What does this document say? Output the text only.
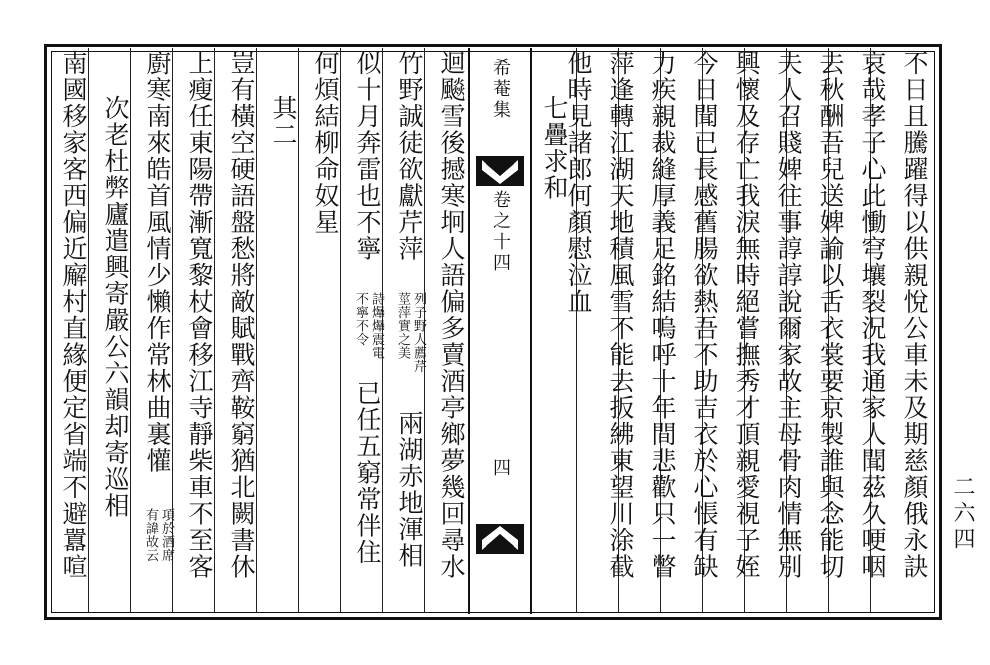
不日且騰躍得以供親悅公車未及期慈顏俄永訣
哀哉孝子心此慟穹壤裂況我通家人聞茲久哽咽
去秋酬吾兒送婢諭以舌衣裳要京製誰與念能切
夫人召賤婢往事諄諄說爾家故主母骨肉情無別
興懷及存亡我淚無時絕嘗撫秀才頂親愛視子姪
今日聞已長感舊腸欲熱吾不助吉衣於心悵有缺
力疾親裁縫厚義足銘結嗚呼十年間悲歡只一瞥
萍逢轉江湖天地積風雪不能去扳紼東望川涂截
他時見諸郎何顏慰泣血
七疊求和
希菴集
卷之十四
四
迴飈雪後撼寒坰人語偏多賣酒亭鄉夢幾回尋水
竹野誠徒欲獻芹萍
列子野人薦芹
莖萍實之美
兩湖赤地渾相
似十月奔雷也不寧
詩爗爗震電
不寧不令
已任五窮常伴住
何煩結柳命奴星
其二
豈有橫空硬語盤愁將敵賦戰齊鞍窮猶北闕書休
上瘦任東陽帶漸寬黎杖會移江寺靜柴車不至客
廚寒南來皓首風情少懶作常林曲裏懽
項於酒席
有諱故云
次老杜弊廬遣興寄嚴公六韻却寄巡相
南國移家客西偏近廨村直緣便定省端不避囂喧	二六四
